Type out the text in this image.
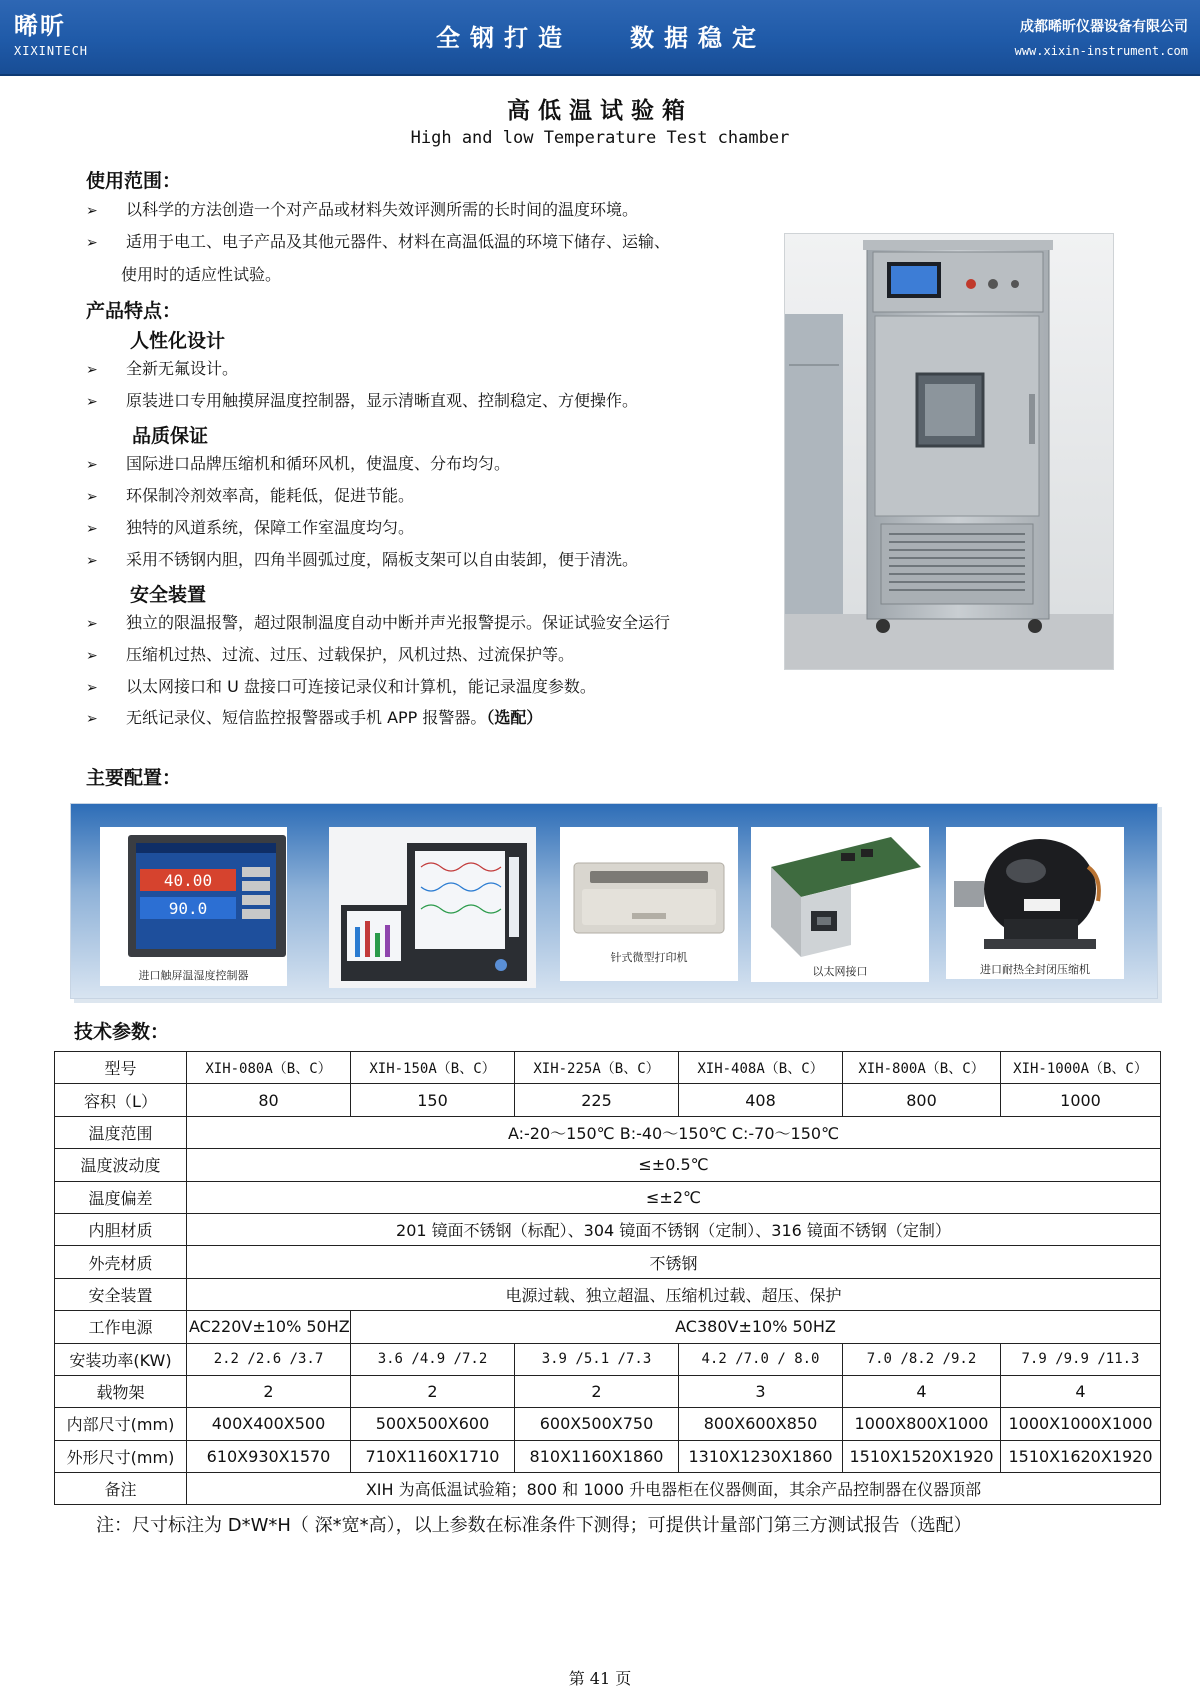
晞昕
XIXINTECH	全钢打造 数据稳定	成都晞昕仪器设备有限公司
www.xixin-instrument.com
高低温试验箱
High and low Temperature Test chamber
使用范围：
➢ 以科学的方法创造一个对产品或材料失效评测所需的长时间的温度环境。
➢ 适用于电工、电子产品及其他元器件、材料在高温低温的环境下储存、运输、
使用时的适应性试验。
产品特点：
人性化设计
➢ 全新无氟设计。
➢ 原装进口专用触摸屏温度控制器，显示清晰直观、控制稳定、方便操作。
品质保证
➢ 国际进口品牌压缩机和循环风机，使温度、分布均匀。
➢ 环保制冷剂效率高，能耗低，促进节能。
➢ 独特的风道系统，保障工作室温度均匀。
➢ 采用不锈钢内胆，四角半圆弧过度，隔板支架可以自由装卸，便于清洗。
安全装置
➢ 独立的限温报警，超过限制温度自动中断并声光报警提示。保证试验安全运行
➢ 压缩机过热、过流、过压、过载保护，风机过热、过流保护等。
➢ 以太网接口和 U 盘接口可连接记录仪和计算机，能记录温度参数。
➢ 无纸记录仪、短信监控报警器或手机 APP 报警器。（选配）
主要配置：
40.00
90.0
进口触屏温湿度控制器
针式微型打印机
以太网接口	进口耐热全封闭压缩机
技术参数：
型号	XIH-080A（B、C）	XIH-150A（B、C）	XIH-225A（B、C）	XIH-408A（B、C）	XIH-800A（B、C）	XIH-1000A（B、C）
容积（L）	80	150	225	408	800	1000
温度范围	A:-20～150℃ B:-40～150℃ C:-70～150℃					
温度波动度	≤±0.5℃					
温度偏差	≤±2℃					
内胆材质	201 镜面不锈钢（标配）、304 镜面不锈钢（定制）、316 镜面不锈钢（定制）					
外壳材质	不锈钢					
安全装置	电源过载、独立超温、压缩机过载、超压、保护					
工作电源	AC220V±10% 50HZ	AC380V±10% 50HZ				
安装功率(KW)	2.2 /2.6 /3.7	3.6 /4.9 /7.2	3.9 /5.1 /7.3	4.2 /7.0 / 8.0	7.0 /8.2 /9.2	7.9 /9.9 /11.3
载物架	2	2	2	3	4	4
内部尺寸(mm)	400X400X500	500X500X600	600X500X750	800X600X850	1000X800X1000	1000X1000X1000
外形尺寸(mm)	610X930X1570	710X1160X1710	810X1160X1860	1310X1230X1860	1510X1520X1920	1510X1620X1920
备注	XIH 为高低温试验箱；800 和 1000 升电器柜在仪器侧面，其余产品控制器在仪器顶部					
注：尺寸标注为 D*W*H（ 深*宽*高），以上参数在标准条件下测得；可提供计量部门第三方测试报告（选配）
第 41 页
